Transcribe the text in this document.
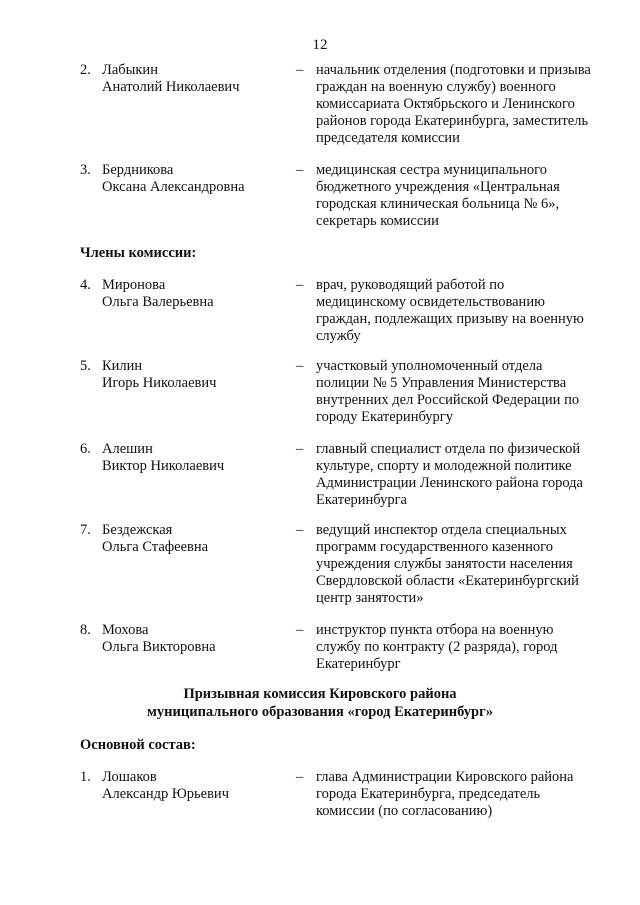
12
2. Лабыкин
Анатолий Николаевич
– начальник отделения (подготовки и призыва
граждан на военную службу) военного
комиссариата Октябрьского и Ленинского
районов города Екатеринбурга, заместитель
председателя комиссии
3. Бердникова
Оксана Александровна
– медицинская сестра муниципального
бюджетного учреждения «Центральная
городская клиническая больница № 6»,
секретарь комиссии
Члены комиссии:
4. Миронова
Ольга Валерьевна
– врач, руководящий работой по
медицинскому освидетельствованию
граждан, подлежащих призыву на военную
службу
5. Килин
Игорь Николаевич
– участковый уполномоченный отдела
полиции № 5 Управления Министерства
внутренних дел Российской Федерации по
городу Екатеринбургу
6. Алешин
Виктор Николаевич
– главный специалист отдела по физической
культуре, спорту и молодежной политике
Администрации Ленинского района города
Екатеринбурга
7. Бездежская
Ольга Стафеевна
– ведущий инспектор отдела специальных
программ государственного казенного
учреждения службы занятости населения
Свердловской области «Екатеринбургский
центр занятости»
8. Мохова
Ольга Викторовна
– инструктор пункта отбора на военную
службу по контракту (2 разряда), город
Екатеринбург
Призывная комиссия Кировского района
муниципального образования «город Екатеринбург»
Основной состав:
1. Лошаков
Александр Юрьевич
– глава Администрации Кировского района
города Екатеринбурга, председатель
комиссии (по согласованию)
